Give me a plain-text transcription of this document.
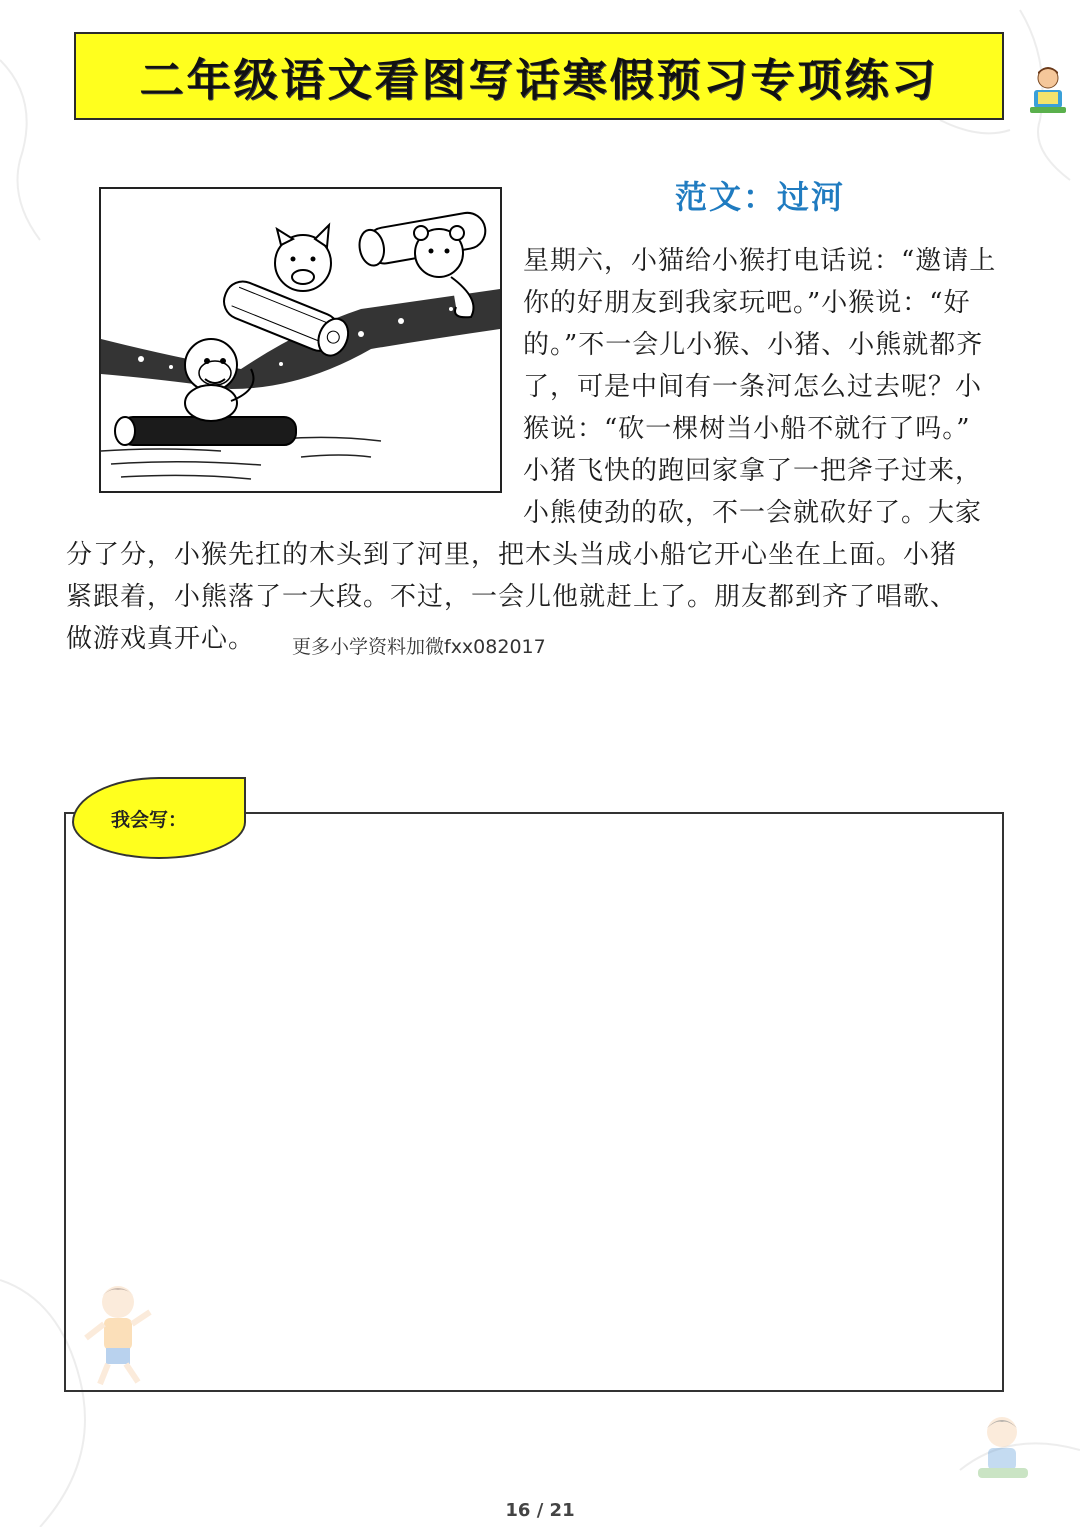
二年级语文看图写话寒假预习专项练习
范文：过河
星期六，小猫给小猴打电话说：“邀请上
你的好朋友到我家玩吧。”小猴说：“好
的。”不一会儿小猴、小猪、小熊就都齐
了，可是中间有一条河怎么过去呢？小
猴说：“砍一棵树当小船不就行了吗。”
小猪飞快的跑回家拿了一把斧子过来，
小熊使劲的砍，不一会就砍好了。大家
分了分，小猴先扛的木头到了河里，把木头当成小船它开心坐在上面。小猪
紧跟着，小熊落了一大段。不过，一会儿他就赶上了。朋友都到齐了唱歌、
做游戏真开心。 更多小学资料加微fxx082017
我会写：
16 / 21
